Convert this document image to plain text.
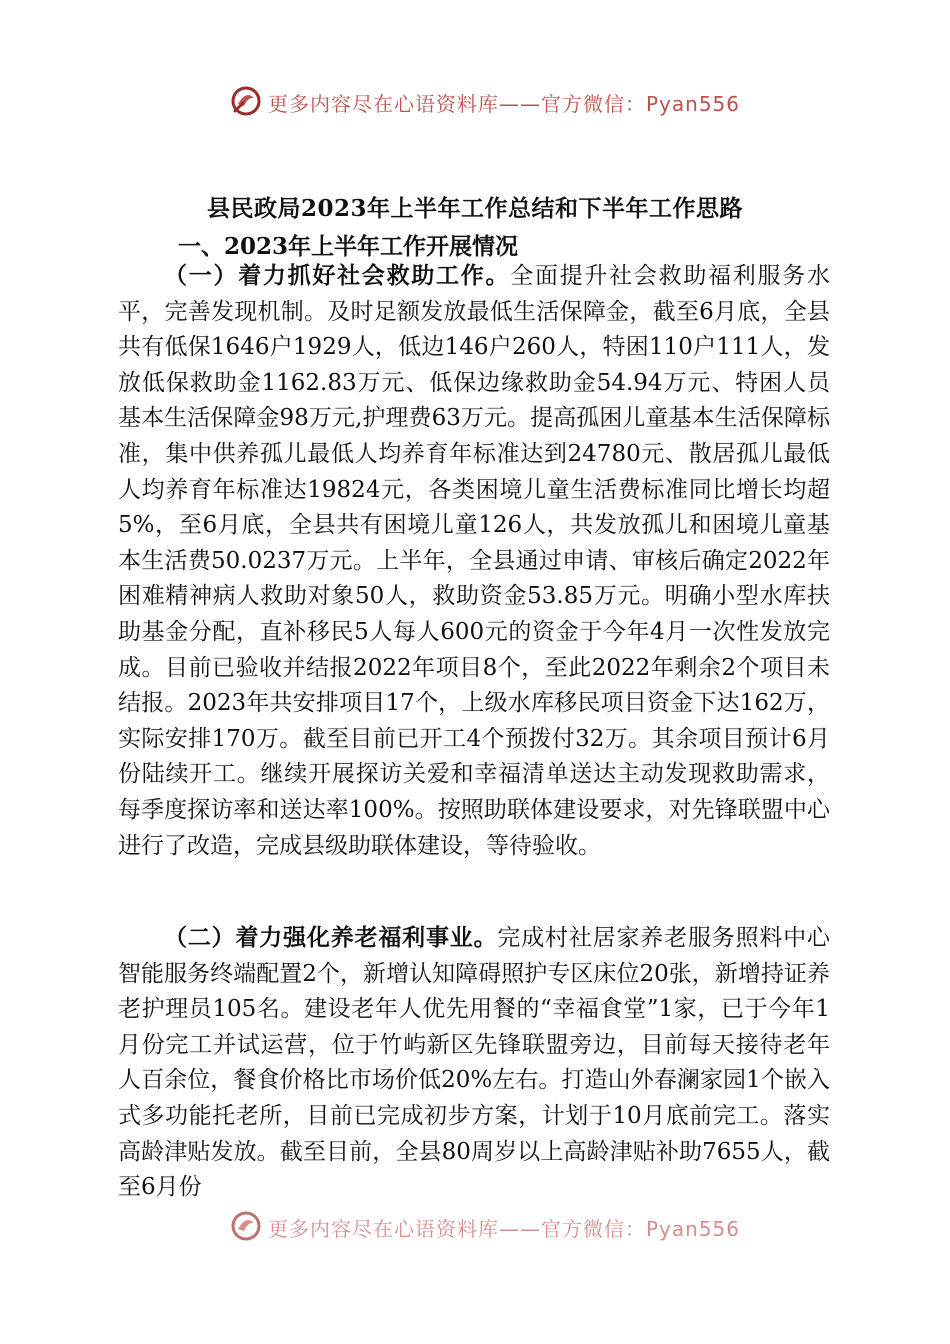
更多内容尽在心语资料库——官方微信：Pyan556
县民政局2023年上半年工作总结和下半年工作思路
一、2023年上半年工作开展情况

（一）着力抓好社会救助工作。全面提升社会救助福利服务水平，完善发现机制。及时足额发放最低生活保障金，截至6月底，全县共有低保1646户1929人，低边146户260人，特困110户111人，发放低保救助金1162.83万元、低保边缘救助金54.94万元、特困人员基本生活保障金98万元,护理费63万元。提高孤困儿童基本生活保障标准，集中供养孤儿最低人均养育年标准达到24780元、散居孤儿最低人均养育年标准达19824元，各类困境儿童生活费标准同比增长均超5%，至6月底，全县共有困境儿童126人，共发放孤儿和困境儿童基本生活费50.0237万元。上半年，全县通过申请、审核后确定2022年困难精神病人救助对象50人，救助资金53.85万元。明确小型水库扶助基金分配，直补移民5人每人600元的资金于今年4月一次性发放完成。目前已验收并结报2022年项目8个，至此2022年剩余2个项目未结报。2023年共安排项目17个，上级水库移民项目资金下达162万，实际安排170万。截至目前已开工4个预拨付32万。其余项目预计6月份陆续开工。继续开展探访关爱和幸福清单送达主动发现救助需求，每季度探访率和送达率100%。按照助联体建设要求，对先锋联盟中心进行了改造，完成县级助联体建设，等待验收。

（二）着力强化养老福利事业。完成村社居家养老服务照料中心智能服务终端配置2个，新增认知障碍照护专区床位20张，新增持证养老护理员105名。建设老年人优先用餐的“幸福食堂”1家，已于今年1月份完工并试运营，位于竹屿新区先锋联盟旁边，目前每天接待老年人百余位，餐食价格比市场价低20%左右。打造山外春澜家园1个嵌入式多功能托老所，目前已完成初步方案，计划于10月底前完工。落实高龄津贴发放。截至目前，全县80周岁以上高龄津贴补助7655人，截至6月份

更多内容尽在心语资料库——官方微信：Pyan556
